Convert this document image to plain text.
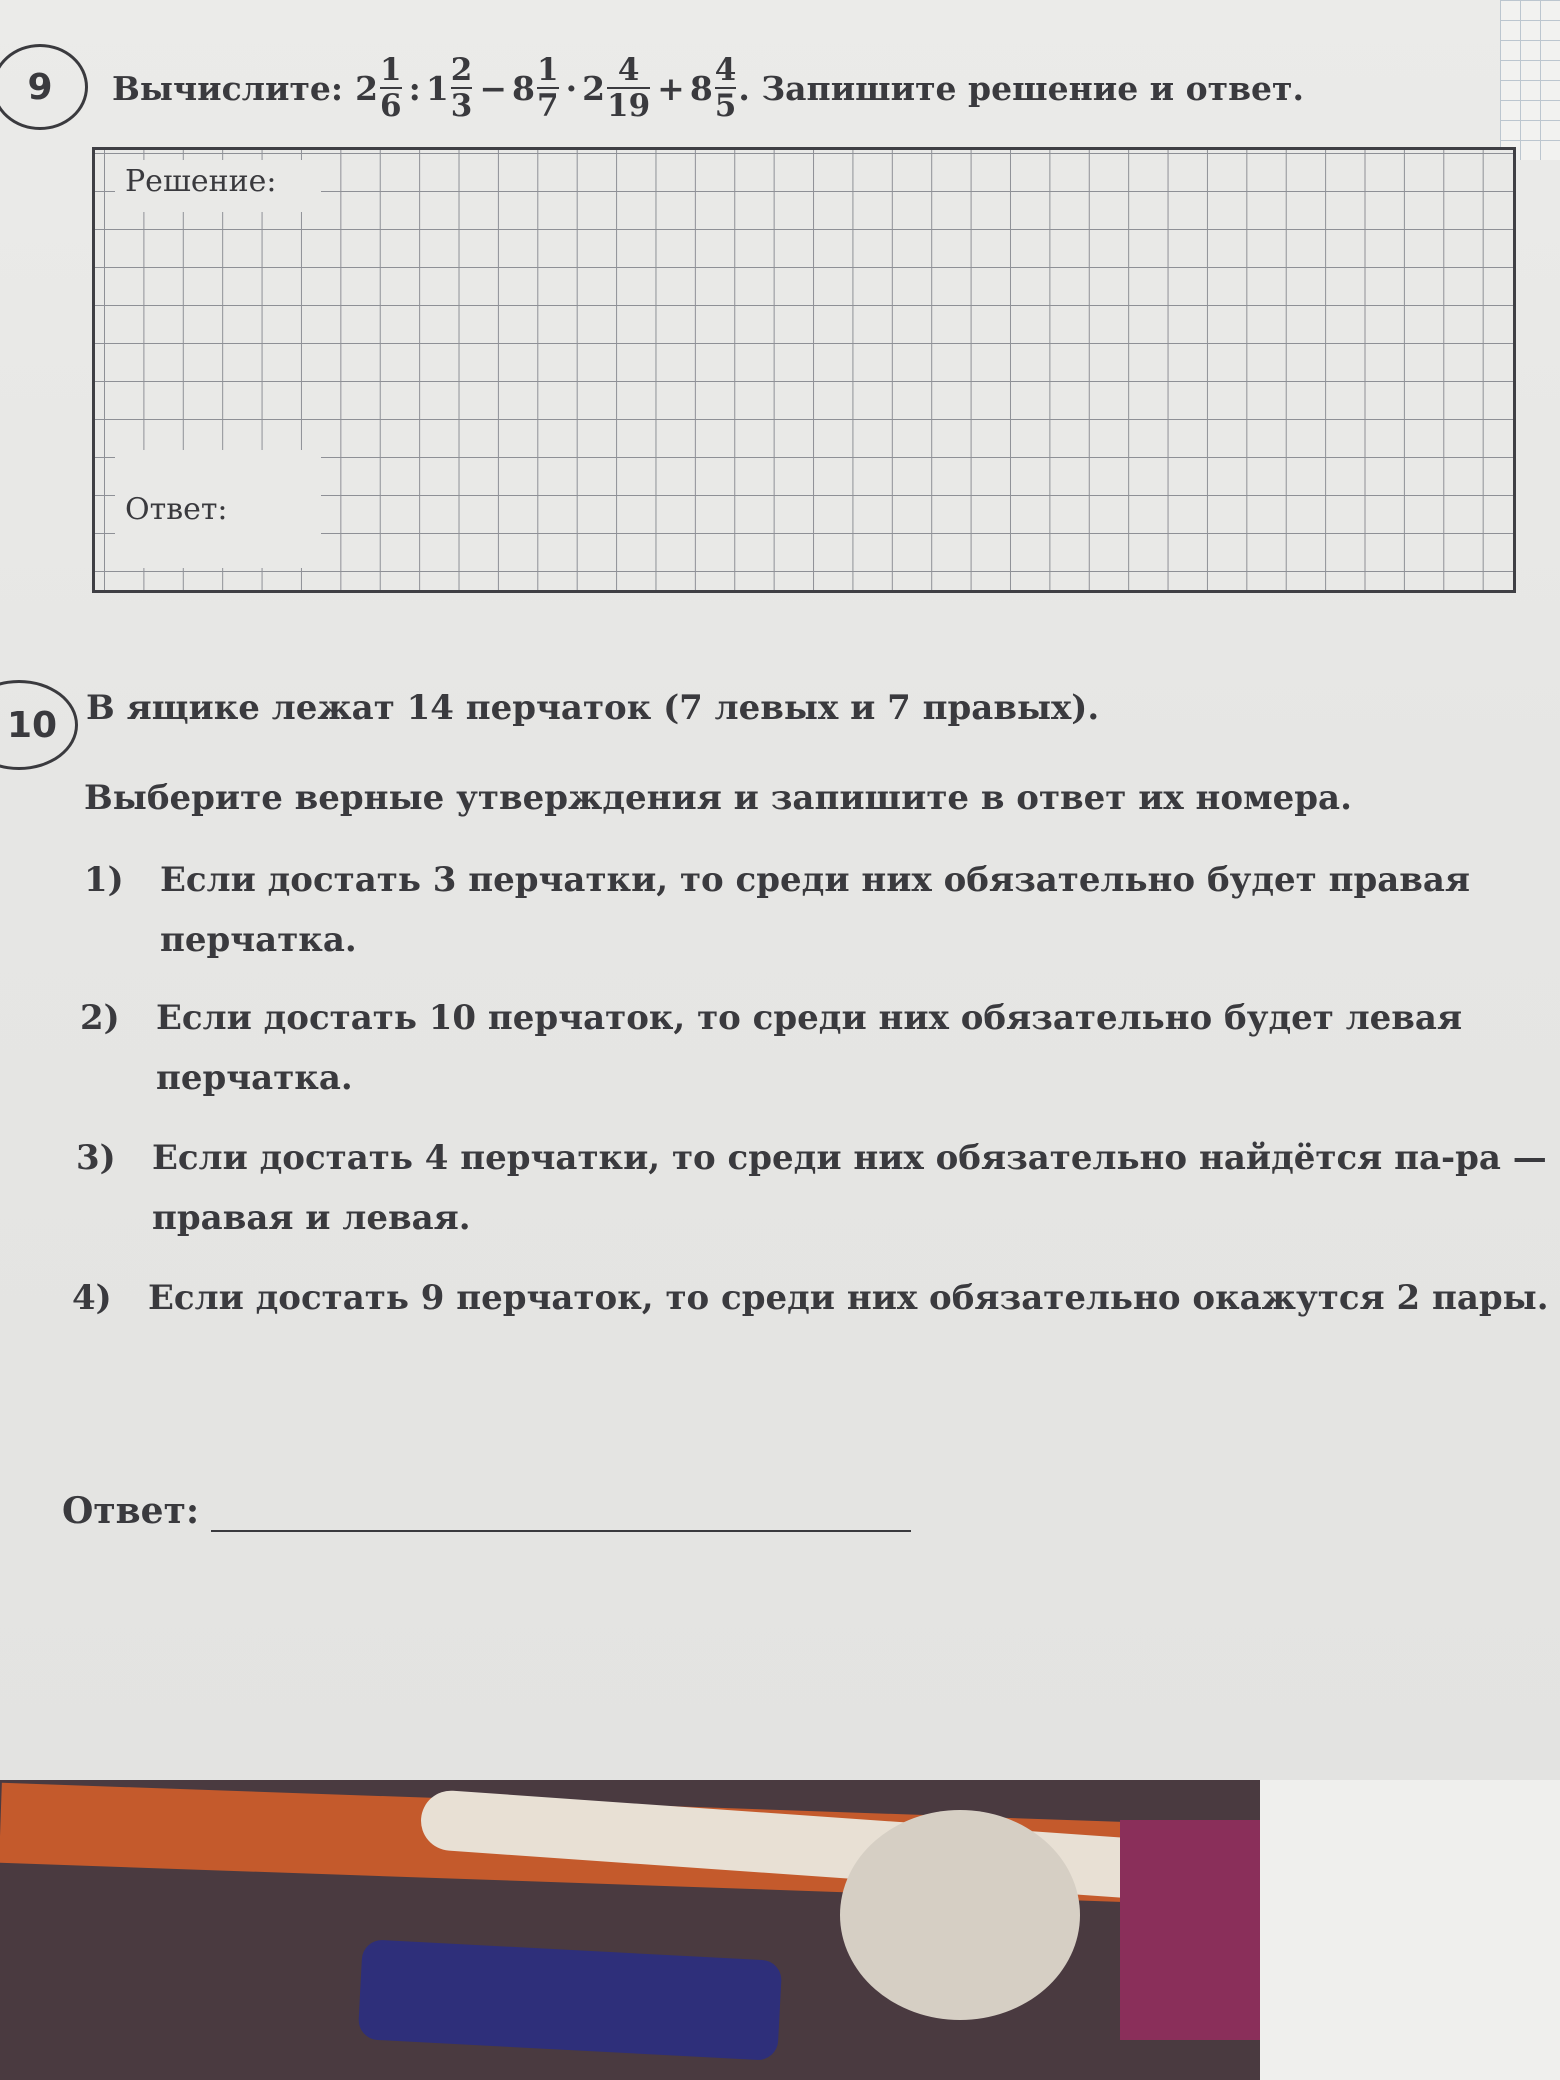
9 Вычислите: $2 \frac{1}{6}$ : $1 \frac{2}{3} - 8 \frac{1}{7} \cdot 2 \frac{4}{19} + 8 \frac{4}{5}$ . Запишите решение и ответ.
Решение:
Ответ:
10 В ящике лежат 14 перчаток (7 левых и 7 правых).
Выберите верные утверждения и запишите в ответ их номера.
1) Если достать 3 перчатки, то среди них обязательно будет правая перчатка.
2) Если достать 10 перчаток, то среди них обязательно будет левая перчатка.
3) Если достать 4 перчатки, то среди них обязательно найдётся па-ра — правая и левая.
4) Если достать 9 перчаток, то среди них обязательно окажутся 2 пары.
Ответ:
